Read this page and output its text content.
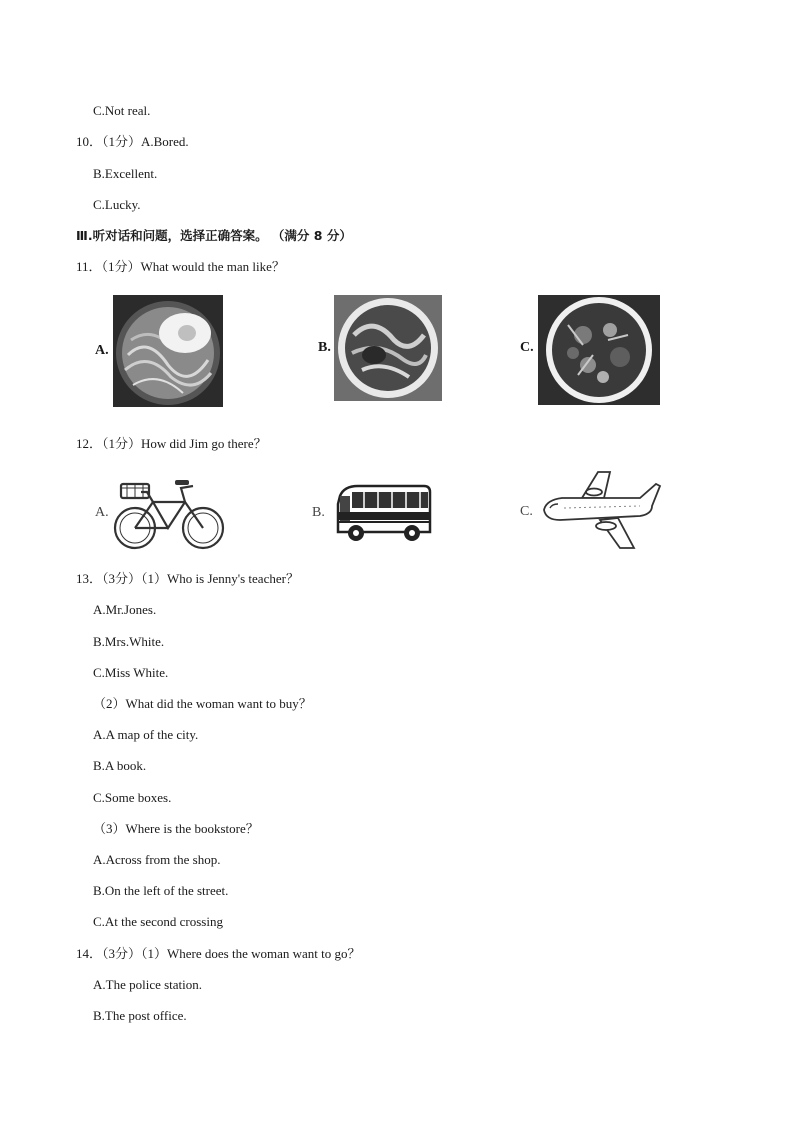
C.Not real.
10．（1分）A.Bored.
B.Excellent.
C.Lucky.
Ⅲ.听对话和问题，选择正确答案。 （满分 8 分）
11．（1分）What would the man like？
A.	B.	C.
12．（1分）How did Jim go there？
A.	B.	C.
13．（3分）（1）Who is Jenny's teacher？
A.Mr.Jones.
B.Mrs.White.
C.Miss White.
（2）What did the woman want to buy？
A.A map of the city.
B.A book.
C.Some boxes.
（3）Where is the bookstore？
A.Across from the shop.
B.On the left of the street.
C.At the second crossing
14．（3分）（1）Where does the woman want to go？
A.The police station.
B.The post office.
